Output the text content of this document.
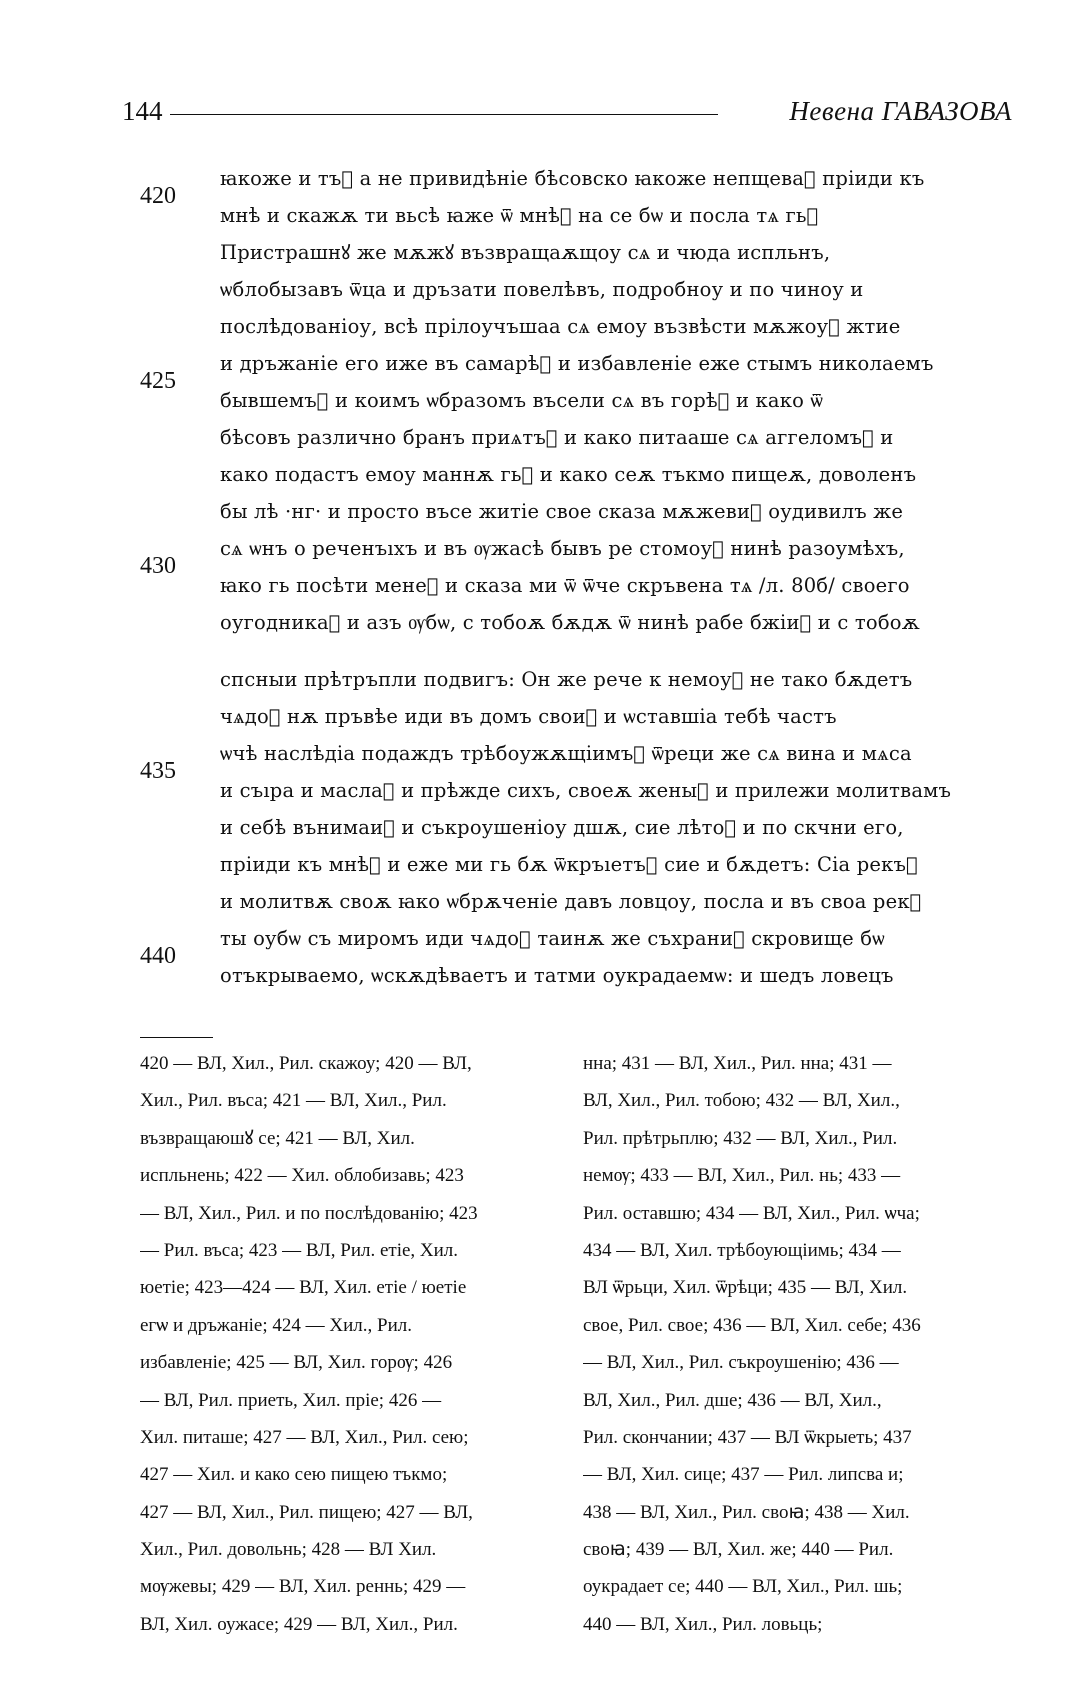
144	Невена ГАВАЗОВА
420
425
430
435
440
ꙗкоже и тъ꙽ а не привидѣніе бѣсовско ꙗкоже непщева꙽ пріиди къ
мнѣ и скажѫ ти вьсѣ ꙗже ѿ мнѣ꙽ на се бѡ и посла тѧ гь꙽
Пристрашнꙋ же мѫжꙋ възвращаѫщоу сѧ и чюда испльнъ,
ѡблобызавъ ѿца и дръзати повелѣвъ, подробноу и по чиноу и
послѣдованіоу, всѣ прілоучъшаа сѧ емоу възвѣсти мѫжоу꙽ жтие
и дръжаніе его иже въ самарѣ꙽ и избавленіе еже стымъ николаемъ
бывшемъ꙽ и коимъ ѡбразомъ въсели сѧ въ горѣ꙽ и како ѿ
бѣсовъ различно бранъ приѧтъ꙽ и како питааше сѧ аггеломъ꙽ и
како подастъ емоу маннѫ гь꙽ и како сеѫ тъкмо пищеѫ, доволенъ
бы лѣ ·нг· и просто въсе житіе свое сказа мѫжеви꙽ оудивилъ же
сѧ ѡнъ о реченъıхъ и въ ѹжасѣ бывъ ре стомоу꙽ нинѣ разоумѣхъ,
ꙗко гь посѣти мене꙽ и сказа ми ѿ ѿче скръвена тѧ /л. 80б/ своего
оугодника꙽ и азъ ѹбѡ, с тобоѫ бѫдѫ ѿ нинѣ рабе бжіи꙽ и с тобоѫ
спсныи прѣтръпли подвигъ: Он же рече к немоу꙽ не тако бѫдетъ
чѧдо꙽ нѫ пръвѣе иди въ домъ свои꙽ и ѡставшіа тебѣ частъ
ѡчѣ наслѣдіа подаждъ трѣбоужѫщіимъ꙽ ѿреци же сѧ вина и мѧса
и съıра и масла꙽ и прѣжде сихъ, своеѫ жены꙽ и прилежи молитвамъ
и себѣ вънимаи꙽ и съкроушеніоу дшѫ, сие лѣто꙽ и по скчни его,
пріиди къ мнѣ꙽ и еже ми гь бѫ ѿкръıетъ꙽ сие и бѫдетъ: Сіа рекъ꙽
и молитвѫ своѫ ꙗко ѡбрѫченіе давъ ловцоу, посла и въ своа рек꙽
ты оубѡ съ миромъ иди чѧдо꙽ таинѫ же съхрани꙽ скровище бѡ
отъкрываемо, ѡскѫдѣваетъ и татми оукрадаемѡ: и шедъ ловецъ
420 — ВЛ, Хил., Рил. скажоу; 420 — ВЛ,
Хил., Рил. въса; 421 — ВЛ, Хил., Рил.
възвращаюшꙋ се; 421 — ВЛ, Хил.
испльнень; 422 — Хил. облобизавь; 423
— ВЛ, Хил., Рил. и по послѣдованію; 423
— Рил. въса; 423 — ВЛ, Рил. етіе, Хил.
юетіе; 423—424 — ВЛ, Хил. етіе / юетіе
егѡ и дръжаніе; 424 — Хил., Рил.
избавленіе; 425 — ВЛ, Хил. горѹ; 426
— ВЛ, Рил. приеть, Хил. пріе; 426 —
Хил. питаше; 427 — ВЛ, Хил., Рил. сею;
427 — Хил. и како сею пищею тъкмо;
427 — ВЛ, Хил., Рил. пищею; 427 — ВЛ,
Хил., Рил. довольнь; 428 — ВЛ Хил.
мѹжевы; 429 — ВЛ, Хил. реннь; 429 —
ВЛ, Хил. оужасе; 429 — ВЛ, Хил., Рил.
нна; 431 — ВЛ, Хил., Рил. нна; 431 —
ВЛ, Хил., Рил. тобою; 432 — ВЛ, Хил.,
Рил. прѣтрьплю; 432 — ВЛ, Хил., Рил.
немѹ; 433 — ВЛ, Хил., Рил. нь; 433 —
Рил. оставшю; 434 — ВЛ, Хил., Рил. ѡча;
434 — ВЛ, Хил. трѣбоующіимь; 434 —
ВЛ ѿрьци, Хил. ѿрѣци; 435 — ВЛ, Хил.
свое, Рил. свое; 436 — ВЛ, Хил. себе; 436
— ВЛ, Хил., Рил. съкроушенію; 436 —
ВЛ, Хил., Рил. дше; 436 — ВЛ, Хил.,
Рил. скончании; 437 — ВЛ ѿкрыеть; 437
— ВЛ, Хил. сице; 437 — Рил. липсва и;
438 — ВЛ, Хил., Рил. своꙗ; 438 — Хил.
своꙗ; 439 — ВЛ, Хил. же; 440 — Рил.
оукрадает се; 440 — ВЛ, Хил., Рил. шь;
440 — ВЛ, Хил., Рил. ловьць;
